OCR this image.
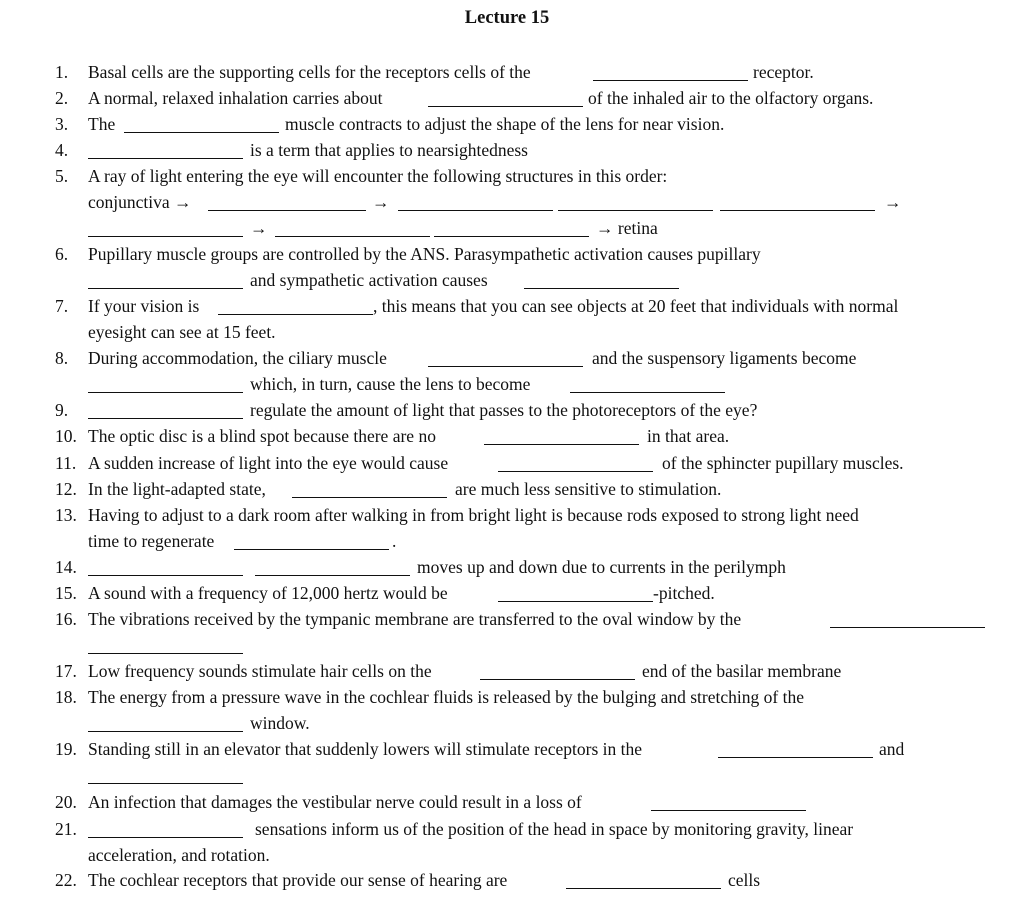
Lecture 15
1. Basal cells are the supporting cells for the receptors cells of the	receptor.
2. A normal, relaxed inhalation carries about	of the inhaled air to the olfactory organs.
3. The	muscle contracts to adjust the shape of the lens for near vision.
4.	is a term that applies to nearsightedness
5. A ray of light entering the eye will encounter the following structures in this order:
conjunctiva →	→	→
→	→ retina
6. Pupillary muscle groups are controlled by the ANS. Parasympathetic activation causes pupillary
and sympathetic activation causes
7. If your vision is	, this means that you can see objects at 20 feet that individuals with normal
eyesight can see at 15 feet.
8. During accommodation, the ciliary muscle	and the suspensory ligaments become
which, in turn, cause the lens to become
9.	regulate the amount of light that passes to the photoreceptors of the eye?
10. The optic disc is a blind spot because there are no	in that area.
11. A sudden increase of light into the eye would cause	of the sphincter pupillary muscles.
12. In the light-adapted state,	are much less sensitive to stimulation.
13. Having to adjust to a dark room after walking in from bright light is because rods exposed to strong light need
time to regenerate	.
14.	moves up and down due to currents in the perilymph
15. A sound with a frequency of 12,000 hertz would be	-pitched.
16. The vibrations received by the tympanic membrane are transferred to the oval window by the
17. Low frequency sounds stimulate hair cells on the	end of the basilar membrane
18. The energy from a pressure wave in the cochlear fluids is released by the bulging and stretching of the
window.
19. Standing still in an elevator that suddenly lowers will stimulate receptors in the	and
20. An infection that damages the vestibular nerve could result in a loss of
21.	sensations inform us of the position of the head in space by monitoring gravity, linear
acceleration, and rotation.
22. The cochlear receptors that provide our sense of hearing are	cells
